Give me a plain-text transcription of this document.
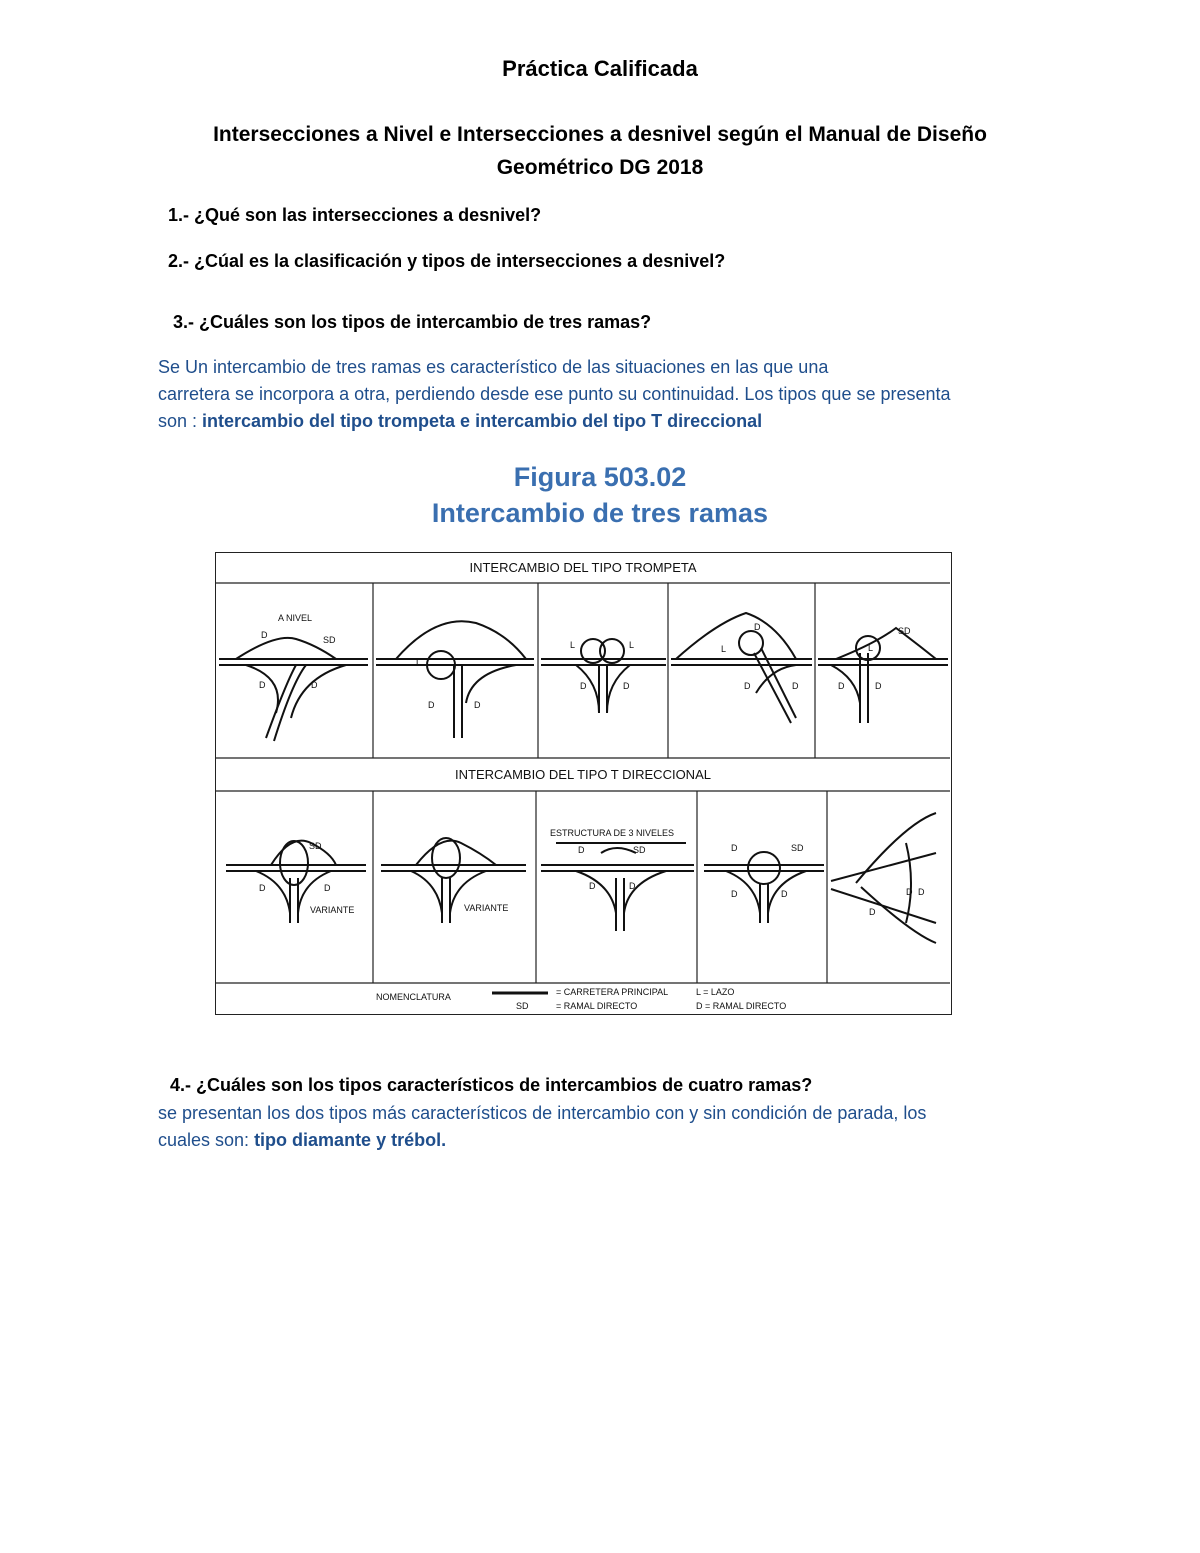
Práctica Calificada
Intersecciones a Nivel e Intersecciones a desnivel según el Manual de Diseño
Geométrico DG 2018
1.- ¿Qué son las intersecciones a desnivel?
2.- ¿Cúal es la clasificación y tipos de intersecciones a desnivel?
3.- ¿Cuáles son los tipos de intercambio de tres ramas?
Se Un intercambio de tres ramas es característico de las situaciones en las que una
carretera se incorpora a otra, perdiendo desde ese punto su continuidad. Los tipos que se presenta
son : intercambio del tipo trompeta e intercambio del tipo T direccional
Figura 503.02
Intercambio de tres ramas
INTERCAMBIO DEL TIPO TROMPETA
INTERCAMBIO DEL TIPO T DIRECCIONAL
A NIVEL
D	SD
D	D
L
D	D
L	L
D	D
D
L
D	D
SD
L
D	D
SD
D	D
VARIANTE	VARIANTE
ESTRUCTURA DE 3 NIVELES
D	SD
D	D
D	SD
D	D	D D
D
NOMENCLATURA	= CARRETERA PRINCIPAL
SD	= RAMAL DIRECTO
L = LAZO
D = RAMAL DIRECTO
4.- ¿Cuáles son los tipos característicos de intercambios de cuatro ramas?
se presentan los dos tipos más característicos de intercambio con y sin condición de parada, los
cuales son: tipo diamante y trébol.
